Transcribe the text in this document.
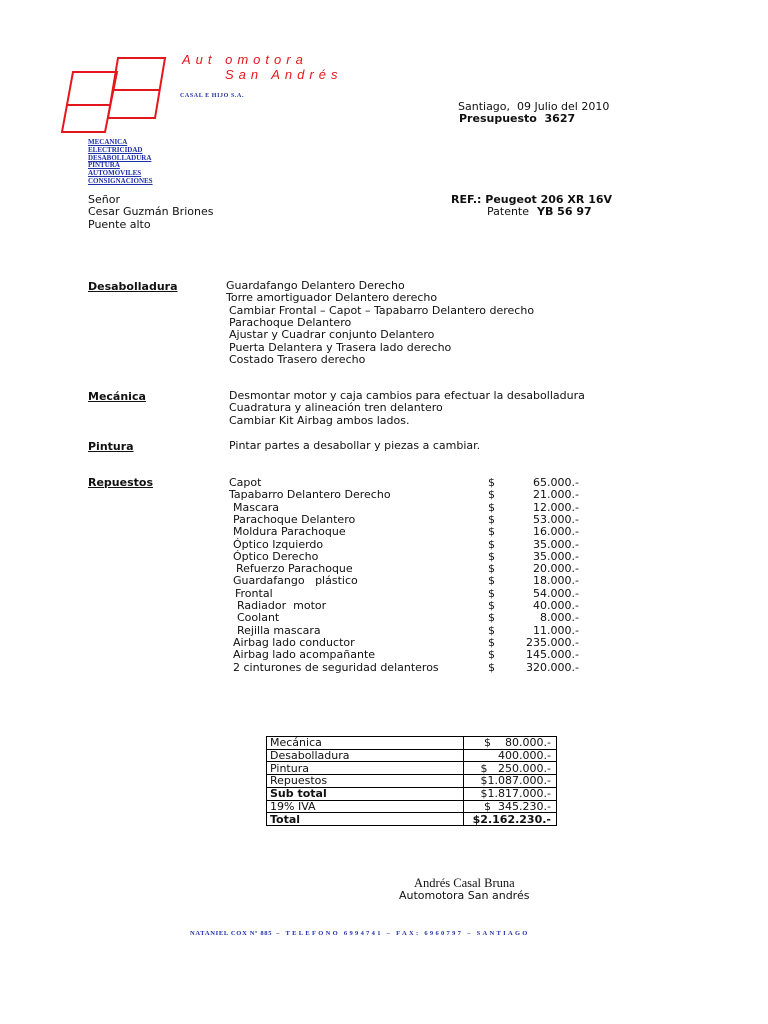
Aut omotora
San Andrés
CASAL E HIJO S.A.
MECANICA
ELECTRICIDAD
DESABOLLADURA
PINTURA
AUTOMOVILES
CONSIGNACIONES
Santiago,  09 Julio del 2010
Presupuesto  3627
Señor
Cesar Guzmán Briones
Puente alto
REF.: Peugeot 206 XR 16V
Patente YB 56 97
Desabolladura	Guardafango Delantero Derecho
Torre amortiguador Delantero derecho
Cambiar Frontal – Capot – Tapabarro Delantero derecho
Parachoque Delantero
Ajustar y Cuadrar conjunto Delantero
Puerta Delantera y Trasera lado derecho
Costado Trasero derecho
Mecánica	Desmontar motor y caja cambios para efectuar la desabolladura
Cuadratura y alineación tren delantero
Cambiar Kit Airbag ambos lados.
Pintura	Pintar partes a desabollar y piezas a cambiar.
Repuestos	Capot	$	65.000.-
Tapabarro Delantero Derecho	$	21.000.-
Mascara	$	12.000.-
Parachoque Delantero	$	53.000.-
Moldura Parachoque	$	16.000.-
Óptico Izquierdo	$	35.000.-
Óptico Derecho	$	35.000.-
Refuerzo Parachoque	$	20.000.-
Guardafango   plástico	$	18.000.-
Frontal	$	54.000.-
Radiador  motor	$	40.000.-
Coolant	$	8.000.-
Rejilla mascara	$	11.000.-
Airbag lado conductor	$	235.000.-
Airbag lado acompañante	$	145.000.-
2 cinturones de seguridad delanteros	$	320.000.-
Mecánica	$    80.000.-
Desabolladura	400.000.-
Pintura	$   250.000.-
Repuestos	$1.087.000.-
Sub total	$1.817.000.-
19% IVA	$  345.230.-
Total	$2.162.230.-
Andrés Casal Bruna
Automotora San andrés
NATANIEL COX Nº 885 – TELEFONO 6994741 – FAX: 6960797 – SANTIAGO
